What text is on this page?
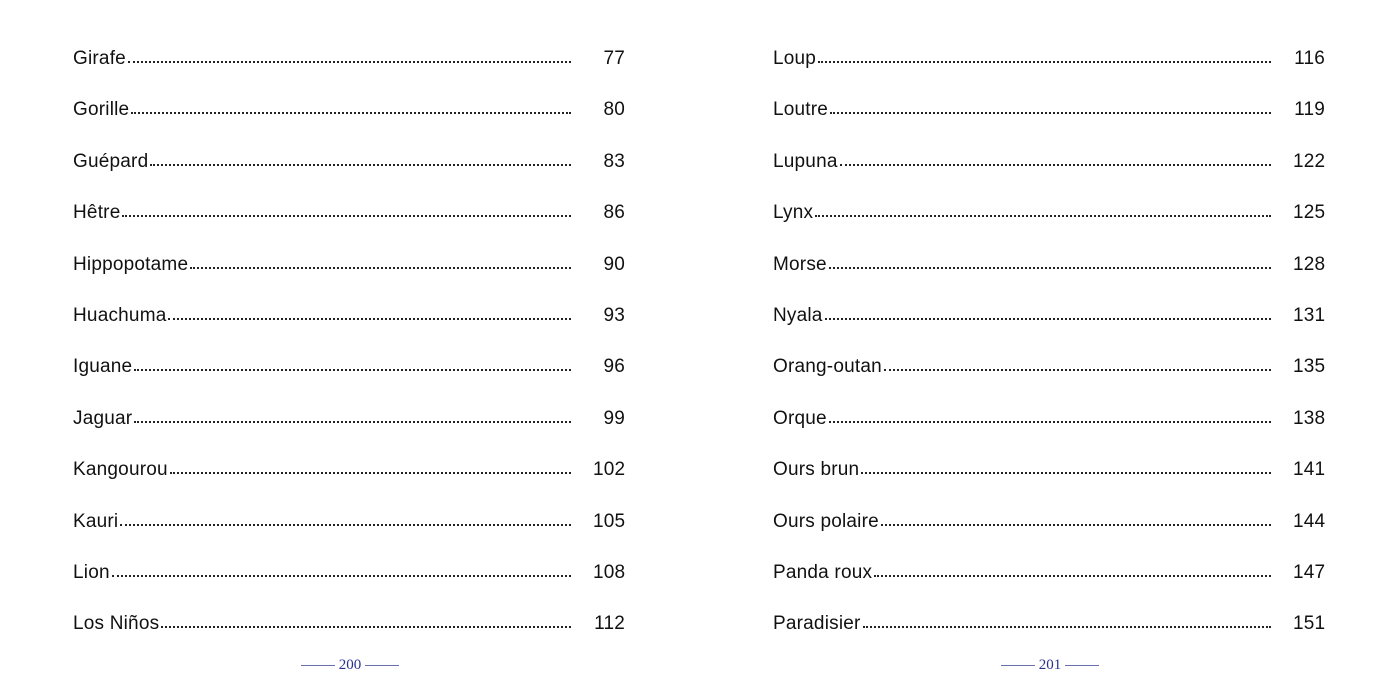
Girafe	77
Gorille	80
Guépard	83
Hêtre	86
Hippopotame	90
Huachuma	93
Iguane	96
Jaguar	99
Kangourou	102
Kauri	105
Lion	108
Los Niños	112
200
Loup	116
Loutre	119
Lupuna	122
Lynx	125
Morse	128
Nyala	131
Orang-outan	135
Orque	138
Ours brun	141
Ours polaire	144
Panda roux	147
Paradisier	151
201
